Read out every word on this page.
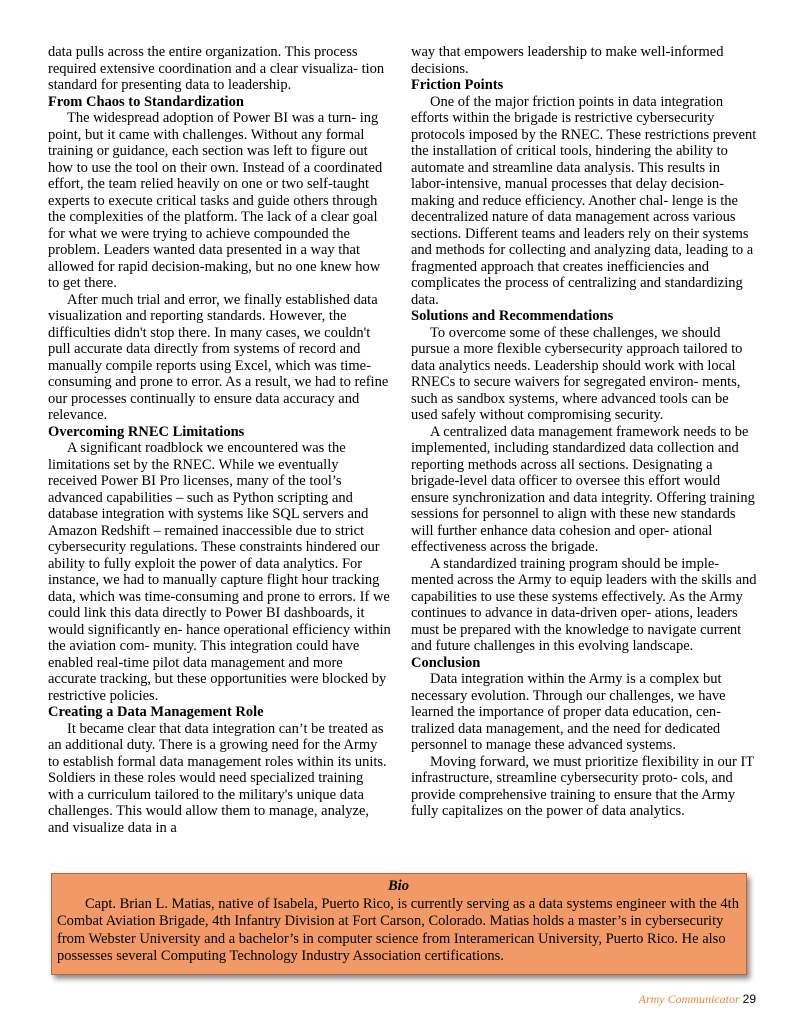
data pulls across the entire organization. This process required extensive coordination and a clear visualiza- tion standard for presenting data to leadership.

From Chaos to Standardization

The widespread adoption of Power BI was a turn- ing point, but it came with challenges. Without any formal training or guidance, each section was left to figure out how to use the tool on their own. Instead of a coordinated effort, the team relied heavily on one or two self-taught experts to execute critical tasks and guide others through the complexities of the platform. The lack of a clear goal for what we were trying to achieve compounded the problem. Leaders wanted data presented in a way that allowed for rapid decision-making, but no one knew how to get there.

After much trial and error, we finally established data visualization and reporting standards. However, the difficulties didn't stop there. In many cases, we couldn't pull accurate data directly from systems of record and manually compile reports using Excel, which was time-consuming and prone to error. As a result, we had to refine our processes continually to ensure data accuracy and relevance.

Overcoming RNEC Limitations

A significant roadblock we encountered was the limitations set by the RNEC. While we eventually received Power BI Pro licenses, many of the tool’s advanced capabilities – such as Python scripting and database integration with systems like SQL servers and Amazon Redshift – remained inaccessible due to strict cybersecurity regulations. These constraints hindered our ability to fully exploit the power of data analytics. For instance, we had to manually capture flight hour tracking data, which was time-consuming and prone to errors. If we could link this data directly to Power BI dashboards, it would significantly en- hance operational efficiency within the aviation com- munity. This integration could have enabled real-time pilot data management and more accurate tracking, but these opportunities were blocked by restrictive policies.

Creating a Data Management Role

It became clear that data integration can’t be treated as an additional duty. There is a growing need for the Army to establish formal data management roles within its units. Soldiers in these roles would need specialized training with a curriculum tailored to the military's unique data challenges. This would allow them to manage, analyze, and visualize data in a

way that empowers leadership to make well-informed decisions.

Friction Points

One of the major friction points in data integration efforts within the brigade is restrictive cybersecurity protocols imposed by the RNEC. These restrictions prevent the installation of critical tools, hindering the ability to automate and streamline data analysis. This results in labor-intensive, manual processes that delay decision-making and reduce efficiency. Another chal- lenge is the decentralized nature of data management across various sections. Different teams and leaders rely on their systems and methods for collecting and analyzing data, leading to a fragmented approach that creates inefficiencies and complicates the process of centralizing and standardizing data.

Solutions and Recommendations

To overcome some of these challenges, we should pursue a more flexible cybersecurity approach tailored to data analytics needs. Leadership should work with local RNECs to secure waivers for segregated environ- ments, such as sandbox systems, where advanced tools can be used safely without compromising security.

A centralized data management framework needs to be implemented, including standardized data collection and reporting methods across all sections. Designating a brigade-level data officer to oversee this effort would ensure synchronization and data integrity. Offering training sessions for personnel to align with these new standards will further enhance data cohesion and oper- ational effectiveness across the brigade.

A standardized training program should be imple- mented across the Army to equip leaders with the skills and capabilities to use these systems effectively. As the Army continues to advance in data-driven oper- ations, leaders must be prepared with the knowledge to navigate current and future challenges in this evolving landscape.

Conclusion

Data integration within the Army is a complex but necessary evolution. Through our challenges, we have learned the importance of proper data education, cen- tralized data management, and the need for dedicated personnel to manage these advanced systems.

Moving forward, we must prioritize flexibility in our IT infrastructure, streamline cybersecurity proto- cols, and provide comprehensive training to ensure that the Army fully capitalizes on the power of data analytics.

Bio

Capt. Brian L. Matias, native of Isabela, Puerto Rico, is currently serving as a data systems engineer with the 4th Combat Aviation Brigade, 4th Infantry Division at Fort Carson, Colorado. Matias holds a master’s in cybersecurity from Webster University and a bachelor’s in computer science from Interamerican University, Puerto Rico. He also possesses several Computing Technology Industry Association certifications.

Army Communicator 29
